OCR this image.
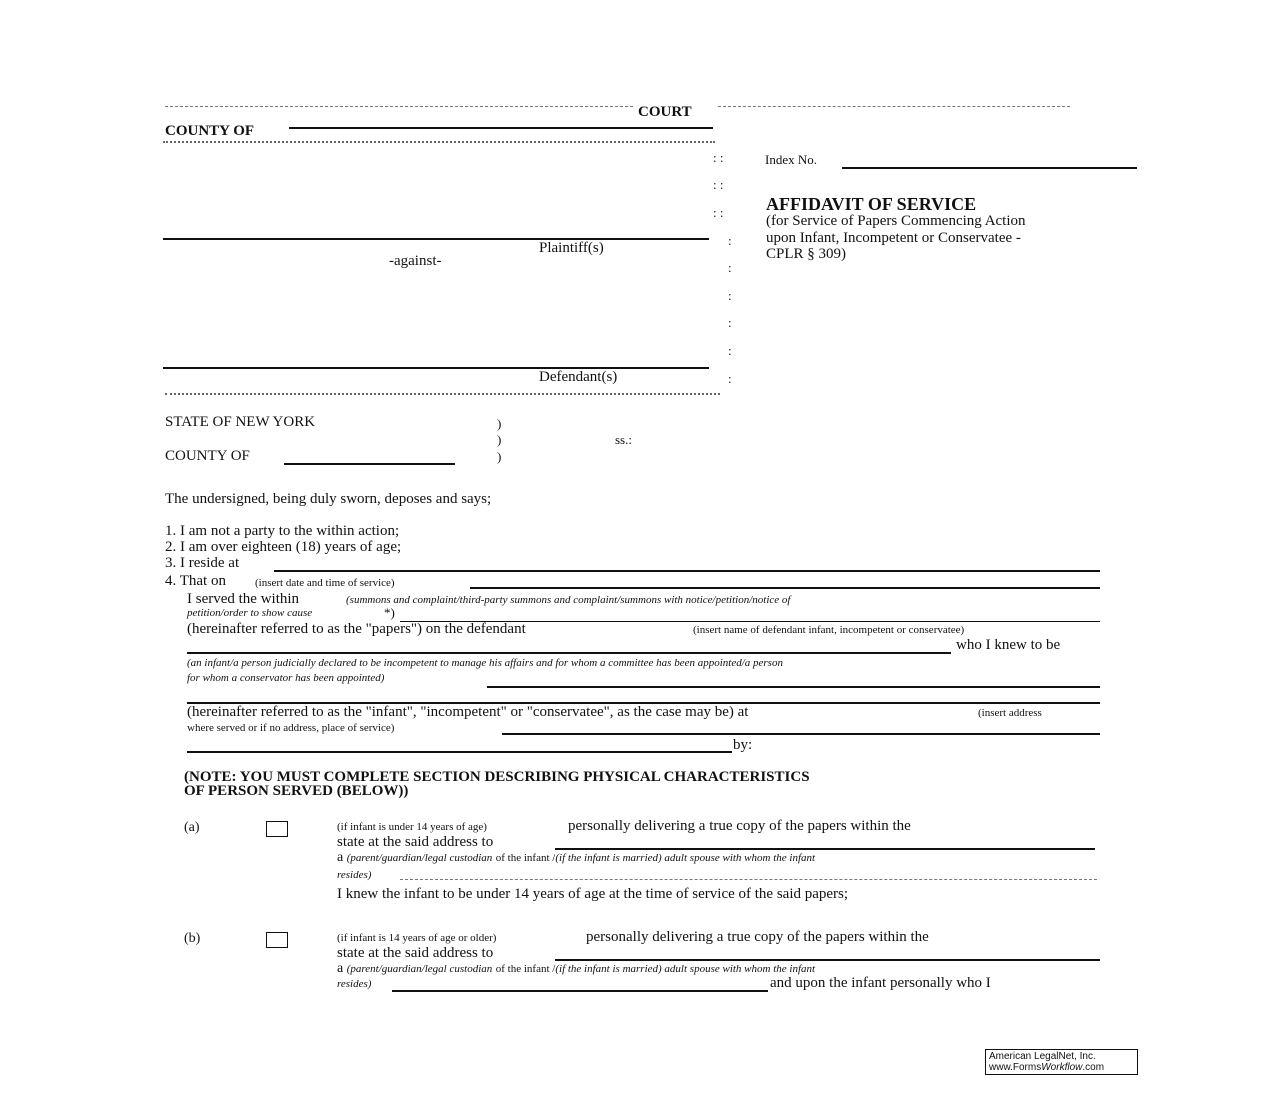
COURT
COUNTY OF
: :
: :
: :
:
:
:
:
:
:
Plaintiff(s)
-against-
Defendant(s)
Index No.
AFFIDAVIT OF SERVICE
(for Service of Papers Commencing Action
upon Infant, Incompetent or Conservatee -
CPLR § 309)
STATE OF NEW YORK	)
)
)
ss.:
COUNTY OF
The undersigned, being duly sworn, deposes and says;
1. I am not a party to the within action;
2. I am over eighteen (18) years of age;
3. I reside at
4. That on	(insert date and time of service)
I served the within	(summons and complaint/third-party summons and complaint/summons with notice/petition/notice of
petition/order to show cause	*)
(hereinafter referred to as the "papers") on the defendant	(insert name of defendant infant, incompetent or conservatee)
who I knew to be
(an infant/a person judicially declared to be incompetent to manage his affairs and for whom a committee has been appointed/a person
for whom a conservator has been appointed)
(hereinafter referred to as the "infant", "incompetent" or "conservatee", as the case may be) at	(insert address
where served or if no address, place of service)
by:
(NOTE: YOU MUST COMPLETE SECTION DESCRIBING PHYSICAL CHARACTERISTICS
OF PERSON SERVED (BELOW))
(a)	(if infant is under 14 years of age)	personally delivering a true copy of the papers within the
state at the said address to
a (parent/guardian/legal custodian of the infant /(if the infant is married) adult spouse with whom the infant
resides)
I knew the infant to be under 14 years of age at the time of service of the said papers;
(b)	(if infant is 14 years of age or older)	personally delivering a true copy of the papers within the
state at the said address to
a (parent/guardian/legal custodian of the infant /(if the infant is married) adult spouse with whom the infant
resides)	and upon the infant personally who I
American LegalNet, Inc.
www.FormsWorkflow.com
